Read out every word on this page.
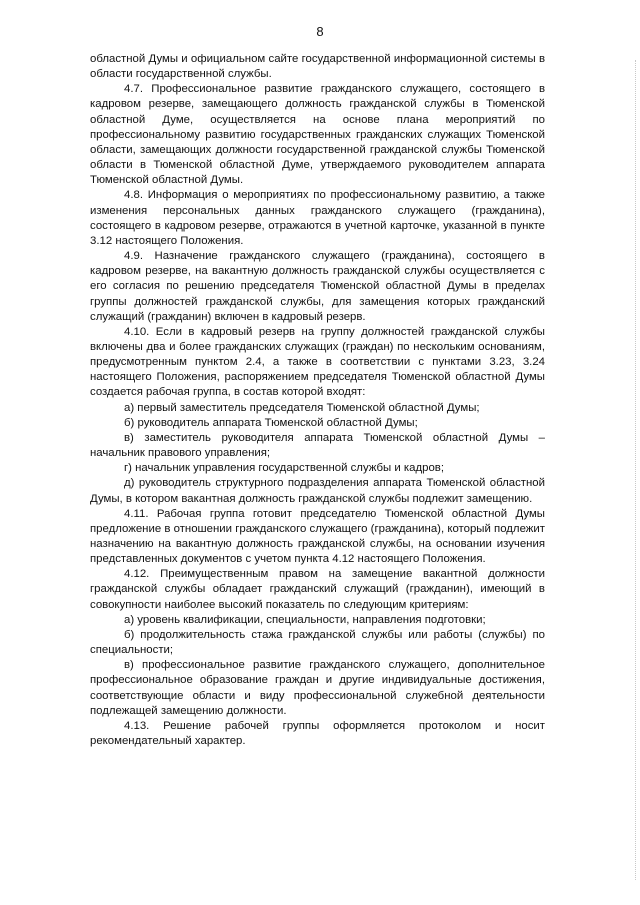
8

областной Думы и официальном сайте государственной информационной системы в области государственной службы.

4.7. Профессиональное развитие гражданского служащего, состоящего в кадровом резерве, замещающего должность гражданской службы в Тюменской областной Думе, осуществляется на основе плана мероприятий по профессиональному развитию государственных гражданских служащих Тюменской области, замещающих должности государственной гражданской службы Тюменской области в Тюменской областной Думе, утверждаемого руководителем аппарата Тюменской областной Думы.

4.8. Информация о мероприятиях по профессиональному развитию, а также изменения персональных данных гражданского служащего (гражданина), состоящего в кадровом резерве, отражаются в учетной карточке, указанной в пункте 3.12 настоящего Положения.

4.9. Назначение гражданского служащего (гражданина), состоящего в кадровом резерве, на вакантную должность гражданской службы осуществляется с его согласия по решению председателя Тюменской областной Думы в пределах группы должностей гражданской службы, для замещения которых гражданский служащий (гражданин) включен в кадровый резерв.

4.10. Если в кадровый резерв на группу должностей гражданской службы включены два и более гражданских служащих (граждан) по нескольким основаниям, предусмотренным пунктом 2.4, а также в соответствии с пунктами 3.23, 3.24 настоящего Положения, распоряжением председателя Тюменской областной Думы создается рабочая группа, в состав которой входят:

а) первый заместитель председателя Тюменской областной Думы;

б) руководитель аппарата Тюменской областной Думы;

в) заместитель руководителя аппарата Тюменской областной Думы – начальник правового управления;

г) начальник управления государственной службы и кадров;

д) руководитель структурного подразделения аппарата Тюменской областной Думы, в котором вакантная должность гражданской службы подлежит замещению.

4.11. Рабочая группа готовит председателю Тюменской областной Думы предложение в отношении гражданского служащего (гражданина), который подлежит назначению на вакантную должность гражданской службы, на основании изучения представленных документов с учетом пункта 4.12 настоящего Положения.

4.12. Преимущественным правом на замещение вакантной должности гражданской службы обладает гражданский служащий (гражданин), имеющий в совокупности наиболее высокий показатель по следующим критериям:

а) уровень квалификации, специальности, направления подготовки;

б) продолжительность стажа гражданской службы или работы (службы) по специальности;

в) профессиональное развитие гражданского служащего, дополнительное профессиональное образование граждан и другие индивидуальные достижения, соответствующие области и виду профессиональной служебной деятельности подлежащей замещению должности.

4.13. Решение рабочей группы оформляется протоколом и носит рекомендательный характер.
